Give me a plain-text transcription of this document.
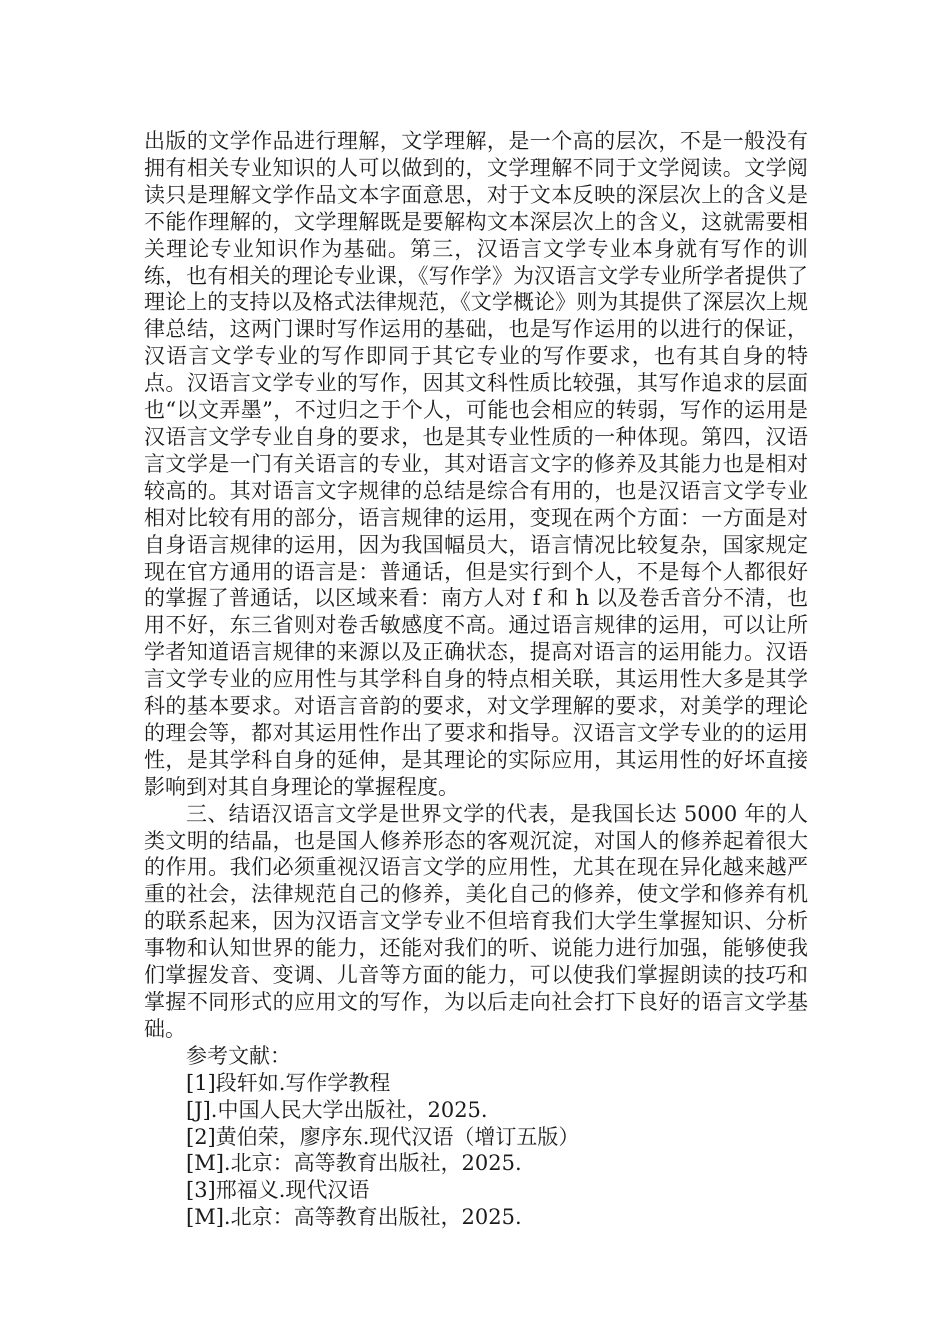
出版的文学作品进行理解，文学理解，是一个高的层次，不是一般没有拥有相关专业知识的人可以做到的，文学理解不同于文学阅读。文学阅读只是理解文学作品文本字面意思，对于文本反映的深层次上的含义是不能作理解的，文学理解既是要解构文本深层次上的含义，这就需要相关理论专业知识作为基础。第三，汉语言文学专业本身就有写作的训练，也有相关的理论专业课，《写作学》为汉语言文学专业所学者提供了理论上的支持以及格式法律规范，《文学概论》则为其提供了深层次上规律总结，这两门课时写作运用的基础，也是写作运用的以进行的保证，汉语言文学专业的写作即同于其它专业的写作要求，也有其自身的特点。汉语言文学专业的写作，因其文科性质比较强，其写作追求的层面也“以文弄墨”，不过归之于个人，可能也会相应的转弱，写作的运用是汉语言文学专业自身的要求，也是其专业性质的一种体现。第四，汉语言文学是一门有关语言的专业，其对语言文字的修养及其能力也是相对较高的。其对语言文字规律的总结是综合有用的，也是汉语言文学专业相对比较有用的部分，语言规律的运用，变现在两个方面：一方面是对自身语言规律的运用，因为我国幅员大，语言情况比较复杂，国家规定现在官方通用的语言是：普通话，但是实行到个人，不是每个人都很好的掌握了普通话，以区域来看：南方人对 f 和 h 以及卷舌音分不清，也用不好，东三省则对卷舌敏感度不高。通过语言规律的运用，可以让所学者知道语言规律的来源以及正确状态，提高对语言的运用能力。汉语言文学专业的应用性与其学科自身的特点相关联，其运用性大多是其学科的基本要求。对语言音韵的要求，对文学理解的要求，对美学的理论的理会等，都对其运用性作出了要求和指导。汉语言文学专业的的运用性，是其学科自身的延伸，是其理论的实际应用，其运用性的好坏直接影响到对其自身理论的掌握程度。

三、结语汉语言文学是世界文学的代表，是我国长达 5000 年的人类文明的结晶，也是国人修养形态的客观沉淀，对国人的修养起着很大的作用。我们必须重视汉语言文学的应用性，尤其在现在异化越来越严重的社会，法律规范自己的修养，美化自己的修养，使文学和修养有机的联系起来，因为汉语言文学专业不但培育我们大学生掌握知识、分析事物和认知世界的能力，还能对我们的听、说能力进行加强，能够使我们掌握发音、变调、儿音等方面的能力，可以使我们掌握朗读的技巧和掌握不同形式的应用文的写作，为以后走向社会打下良好的语言文学基础。

参考文献：

[1]段轩如.写作学教程
[J].中国人民大学出版社，2025.
[2]黄伯荣，廖序东.现代汉语（增订五版）
[M].北京：高等教育出版社，2025.
[3]邢福义.现代汉语
[M].北京：高等教育出版社，2025.
